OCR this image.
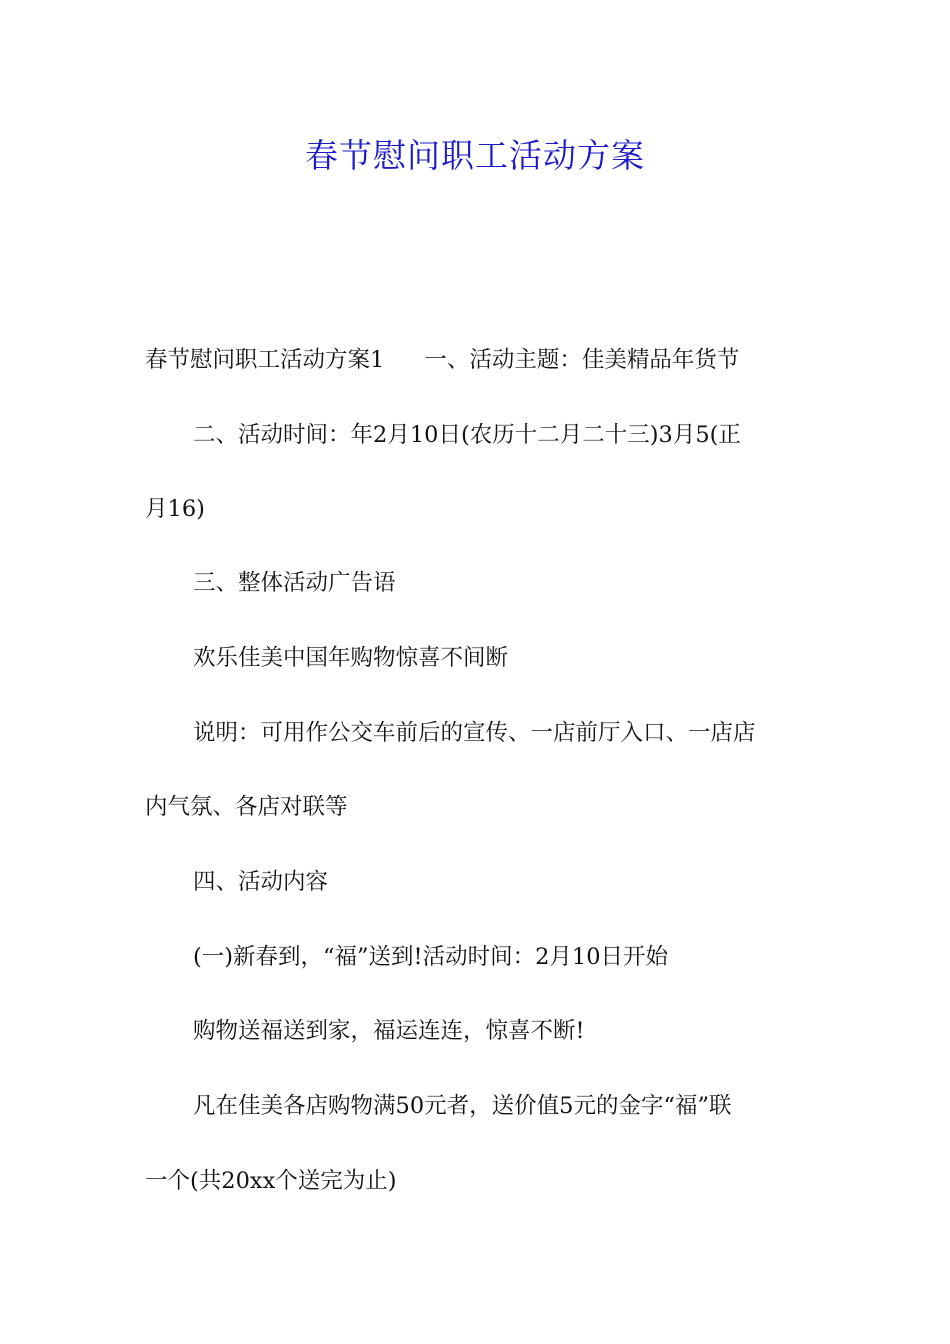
春节慰问职工活动方案
春节慰问职工活动方案1 一、活动主题：佳美精品年货节
二、活动时间：年2月10日(农历十二月二十三)3月5(正
月16)
三、整体活动广告语
欢乐佳美中国年购物惊喜不间断
说明：可用作公交车前后的宣传、一店前厅入口、一店店
内气氛、各店对联等
四、活动内容
(一)新春到，“福”送到!活动时间：2月10日开始
购物送福送到家，福运连连，惊喜不断!
凡在佳美各店购物满50元者，送价值5元的金字“福”联
一个(共20xx个送完为止)
